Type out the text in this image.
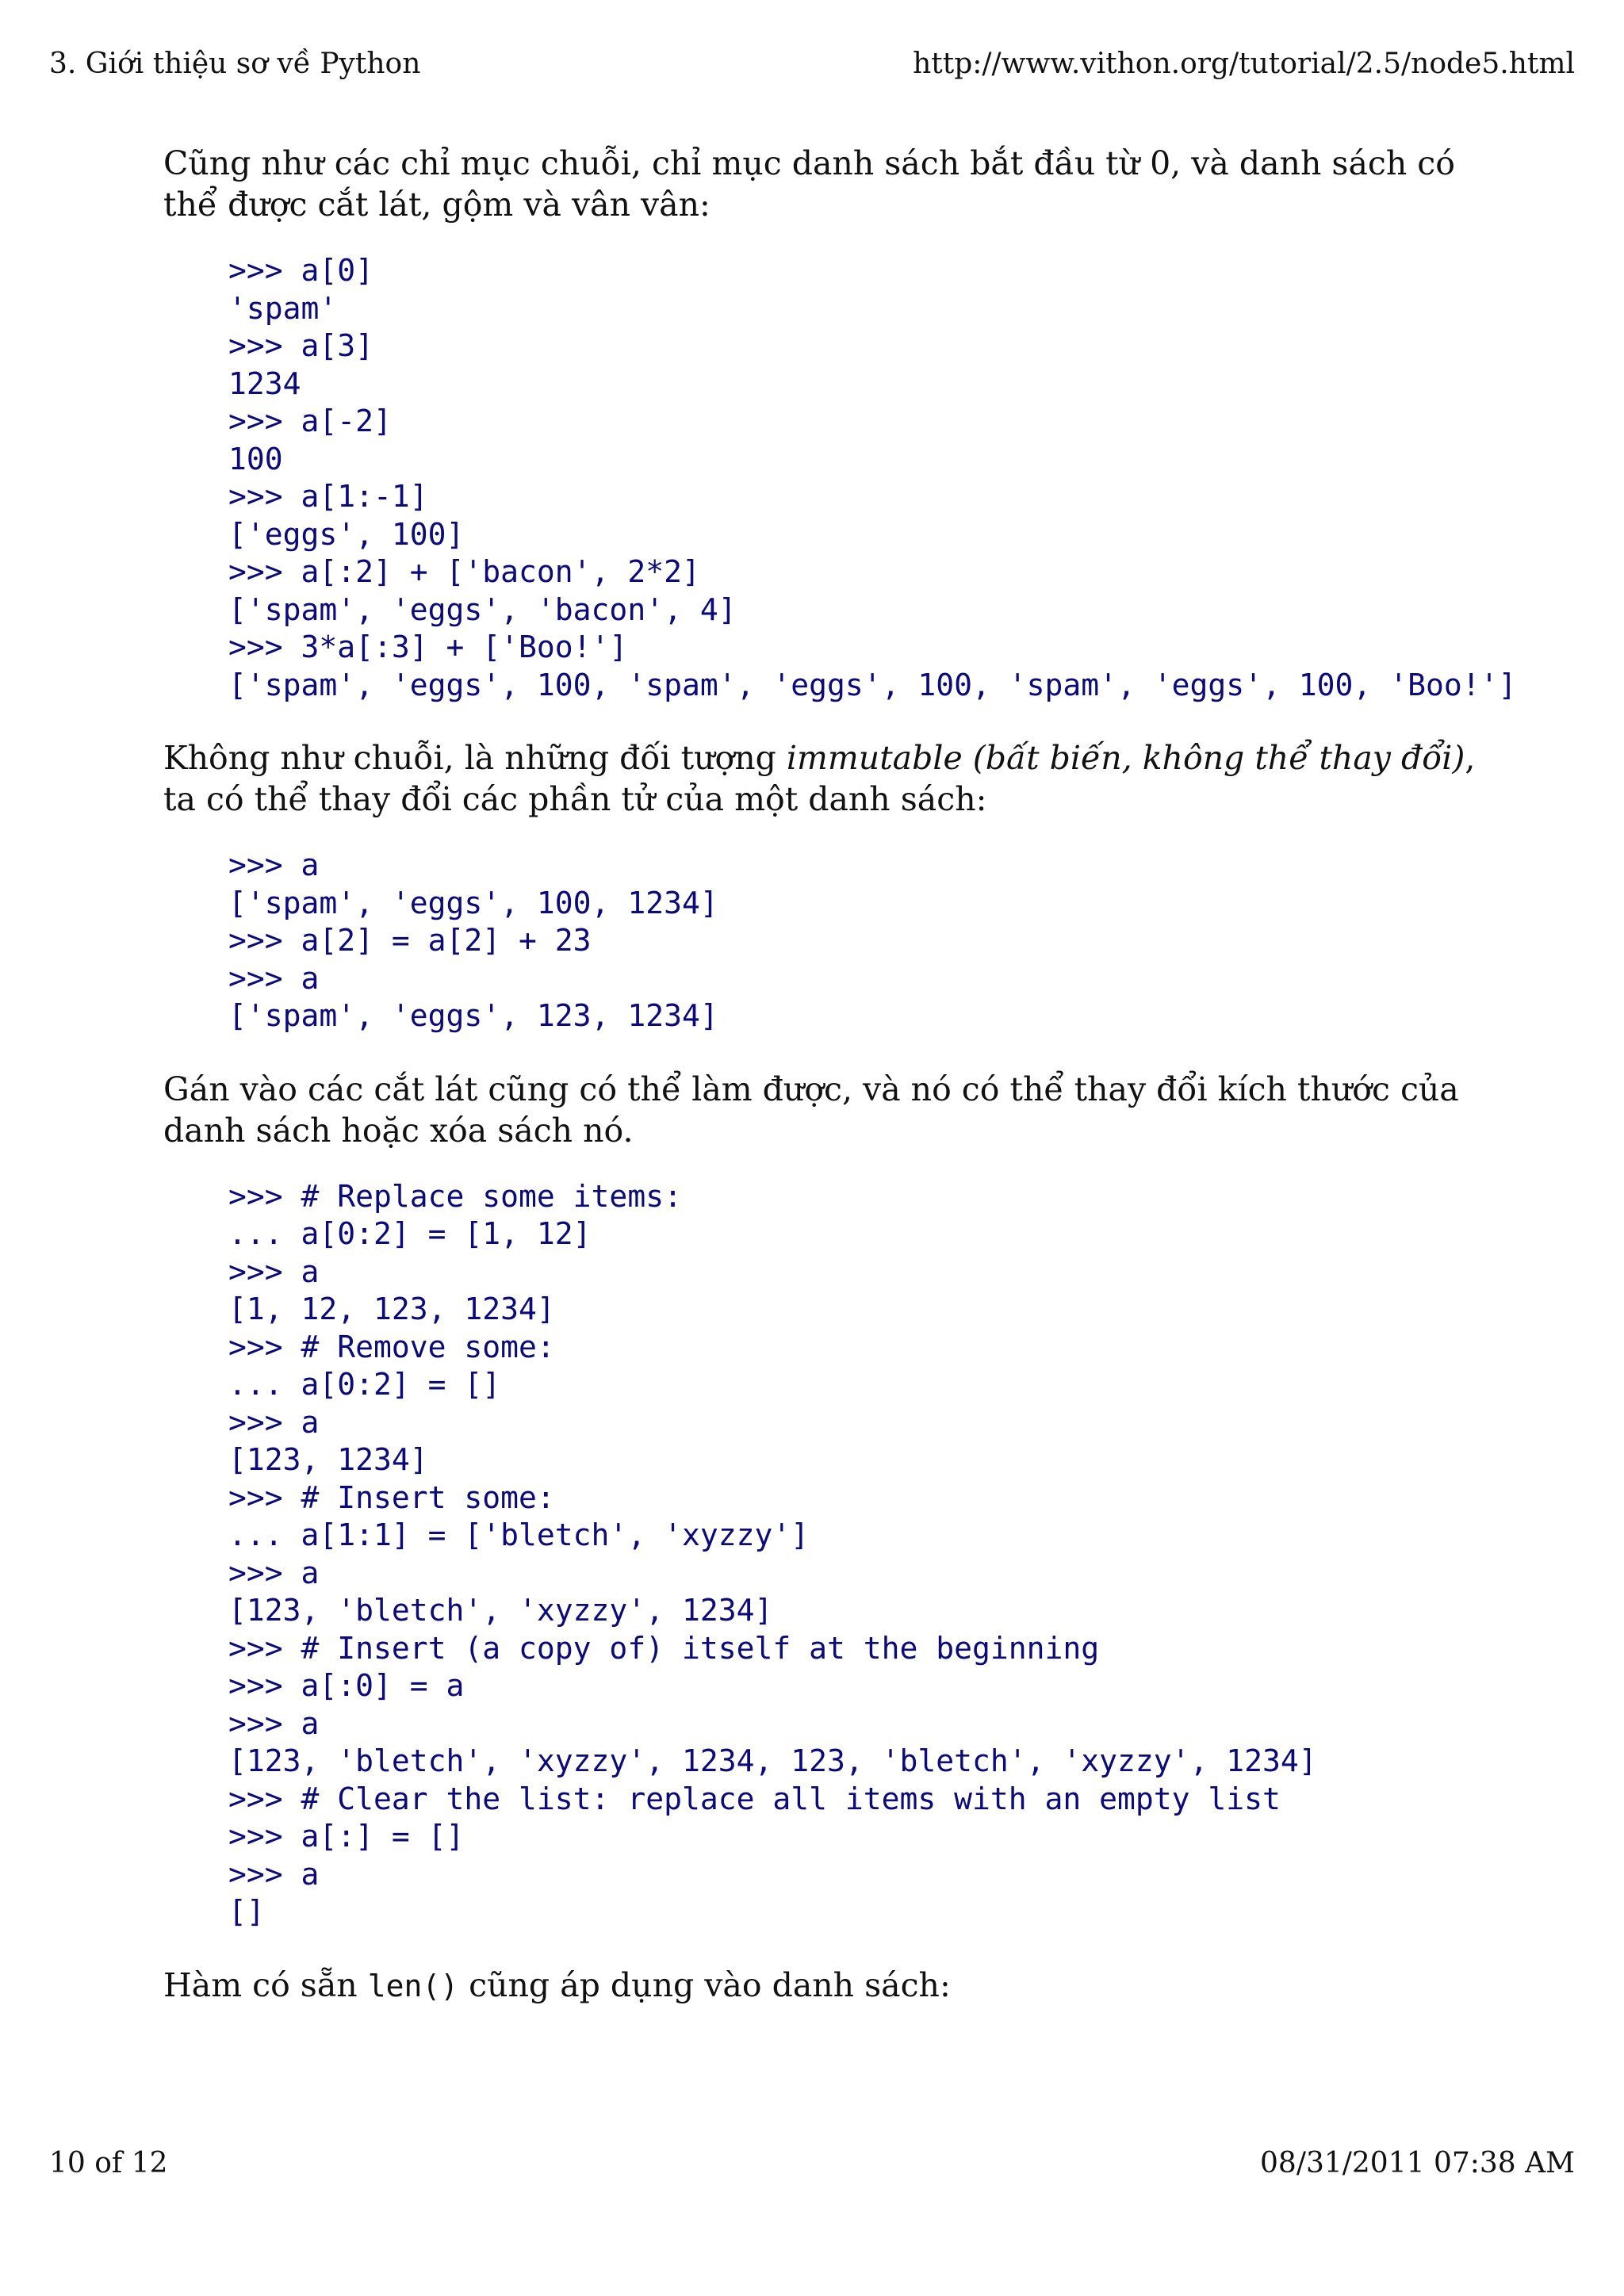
3. Giới thiệu sơ về Python	http://www.vithon.org/tutorial/2.5/node5.html

Cũng như các chỉ mục chuỗi, chỉ mục danh sách bắt đầu từ 0, và danh sách có thể được cắt lát, gộm và vân vân:

>>> a[0]
'spam'
>>> a[3]
1234
>>> a[-2]
100
>>> a[1:-1]
['eggs', 100]
>>> a[:2] + ['bacon', 2*2]
['spam', 'eggs', 'bacon', 4]
>>> 3*a[:3] + ['Boo!']
['spam', 'eggs', 100, 'spam', 'eggs', 100, 'spam', 'eggs', 100, 'Boo!']

Không như chuỗi, là những đối tượng immutable (bất biến, không thể thay đổi), ta có thể thay đổi các phần tử của một danh sách:

>>> a
['spam', 'eggs', 100, 1234]
>>> a[2] = a[2] + 23
>>> a
['spam', 'eggs', 123, 1234]

Gán vào các cắt lát cũng có thể làm được, và nó có thể thay đổi kích thước của danh sách hoặc xóa sách nó.

>>> # Replace some items:
... a[0:2] = [1, 12]
>>> a
[1, 12, 123, 1234]
>>> # Remove some:
... a[0:2] = []
>>> a
[123, 1234]
>>> # Insert some:
... a[1:1] = ['bletch', 'xyzzy']
>>> a
[123, 'bletch', 'xyzzy', 1234]
>>> # Insert (a copy of) itself at the beginning
>>> a[:0] = a
>>> a
[123, 'bletch', 'xyzzy', 1234, 123, 'bletch', 'xyzzy', 1234]
>>> # Clear the list: replace all items with an empty list
>>> a[:] = []
>>> a
[]

Hàm có sẵn len() cũng áp dụng vào danh sách:

10 of 12	08/31/2011 07:38 AM
